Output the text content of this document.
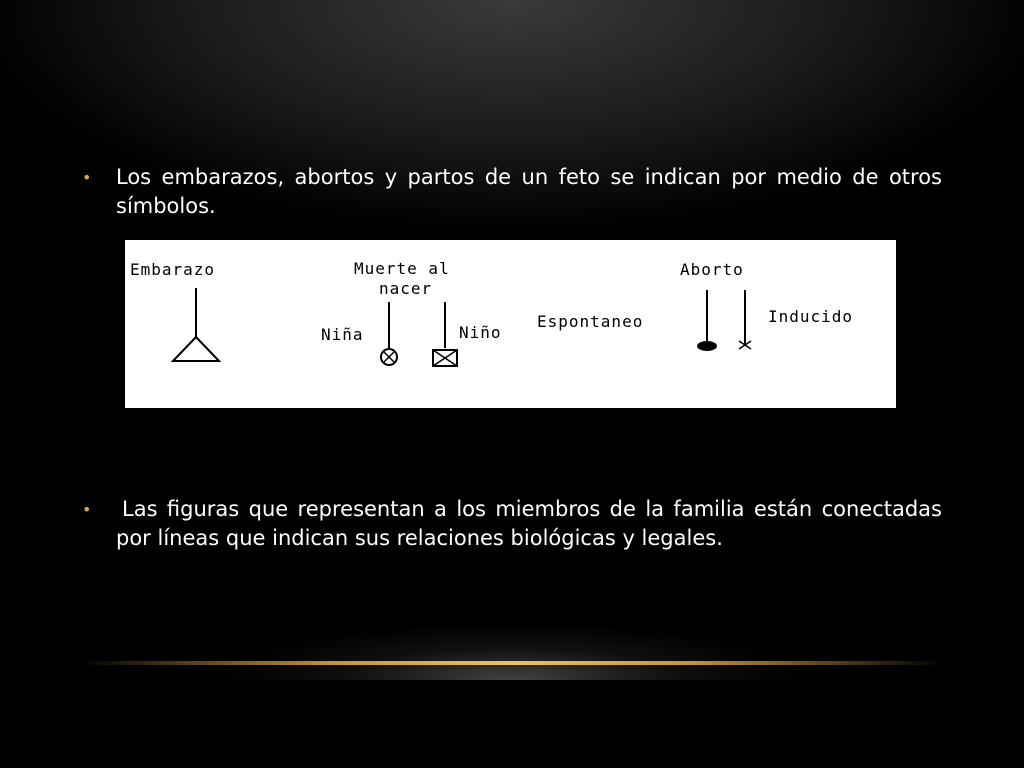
• Los embarazos, abortos y partos de un feto se indican por medio de otros símbolos.
Embarazo	Muerte al
nacer
Niña	Niño
Aborto
Espontaneo	Inducido
• Las figuras que representan a los miembros de la familia están conectadas por líneas que indican sus relaciones biológicas y legales.
